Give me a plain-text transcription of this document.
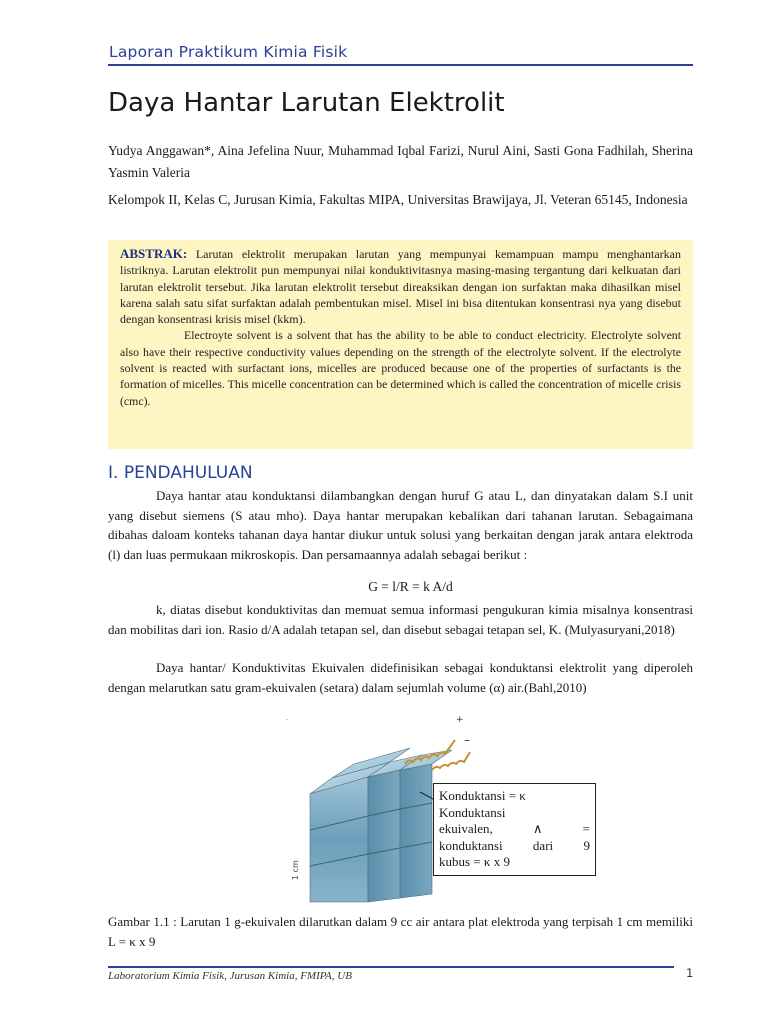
Laporan Praktikum Kimia Fisik
Daya Hantar Larutan Elektrolit

Yudya Anggawan*, Aina Jefelina Nuur, Muhammad Iqbal Farizi, Nurul Aini, Sasti Gona Fadhilah, Sherina Yasmin Valeria

Kelompok II, Kelas C, Jurusan Kimia, Fakultas MIPA, Universitas Brawijaya, Jl. Veteran 65145, Indonesia

ABSTRAK: Larutan elektrolit merupakan larutan yang mempunyai kemampuan mampu menghantarkan listriknya. Larutan elektrolit pun mempunyai nilai konduktivitasnya masing-masing tergantung dari kelkuatan dari larutan elektrolit tersebut. Jika larutan elektrolit tersebut direaksikan dengan ion surfaktan maka dihasilkan misel karena salah satu sifat surfaktan adalah pembentukan misel. Misel ini bisa ditentukan konsentrasi nya yang disebut dengan konsentrasi krisis misel (kkm).

Electroyte solvent is a solvent that has the ability to be able to conduct electricity. Electrolyte solvent also have their respective conductivity values depending on the strength of the electrolyte solvent. If the electrolyte solvent is reacted with surfactant ions, micelles are produced because one of the properties of surfactants is the formation of micelles. This micelle concentration can be determined which is called the concentration of micelle crisis (cmc).

I. PENDAHULUAN

Daya hantar atau konduktansi dilambangkan dengan huruf G atau L, dan dinyatakan dalam S.I unit yang disebut siemens (S atau mho). Daya hantar merupakan kebalikan dari tahanan larutan. Sebagaimana dibahas daloam konteks tahanan daya hantar diukur untuk solusi yang berkaitan dengan jarak antara elektroda (l) dan luas permukaan mikroskopis. Dan persamaannya adalah sebagai berikut :

G = l/R = k A/d

k, diatas disebut konduktivitas dan memuat semua informasi pengukuran kimia misalnya konsentrasi dan mobilitas dari ion. Rasio d/A adalah tetapan sel, dan disebut sebagai tetapan sel, K. (Mulyasuryani,2018)

Daya hantar/ Konduktivitas Ekuivalen didefinisikan sebagai konduktansi elektrolit yang diperoleh dengan melarutkan satu gram-ekuivalen (setara) dalam sejumlah volume (α) air.(Bahl,2010)

+
–
1 cm
.

Konduktansi = κ

Konduktansi

ekuivalen, ∧ =

konduktansi dari 9

kubus = κ x 9

Gambar 1.1 : Larutan 1 g-ekuivalen dilarutkan dalam 9 cc air antara plat elektroda yang terpisah 1 cm memiliki L = κ x 9

Laboratorium Kimia Fisik, Jurusan Kimia, FMIPA, UB	1
